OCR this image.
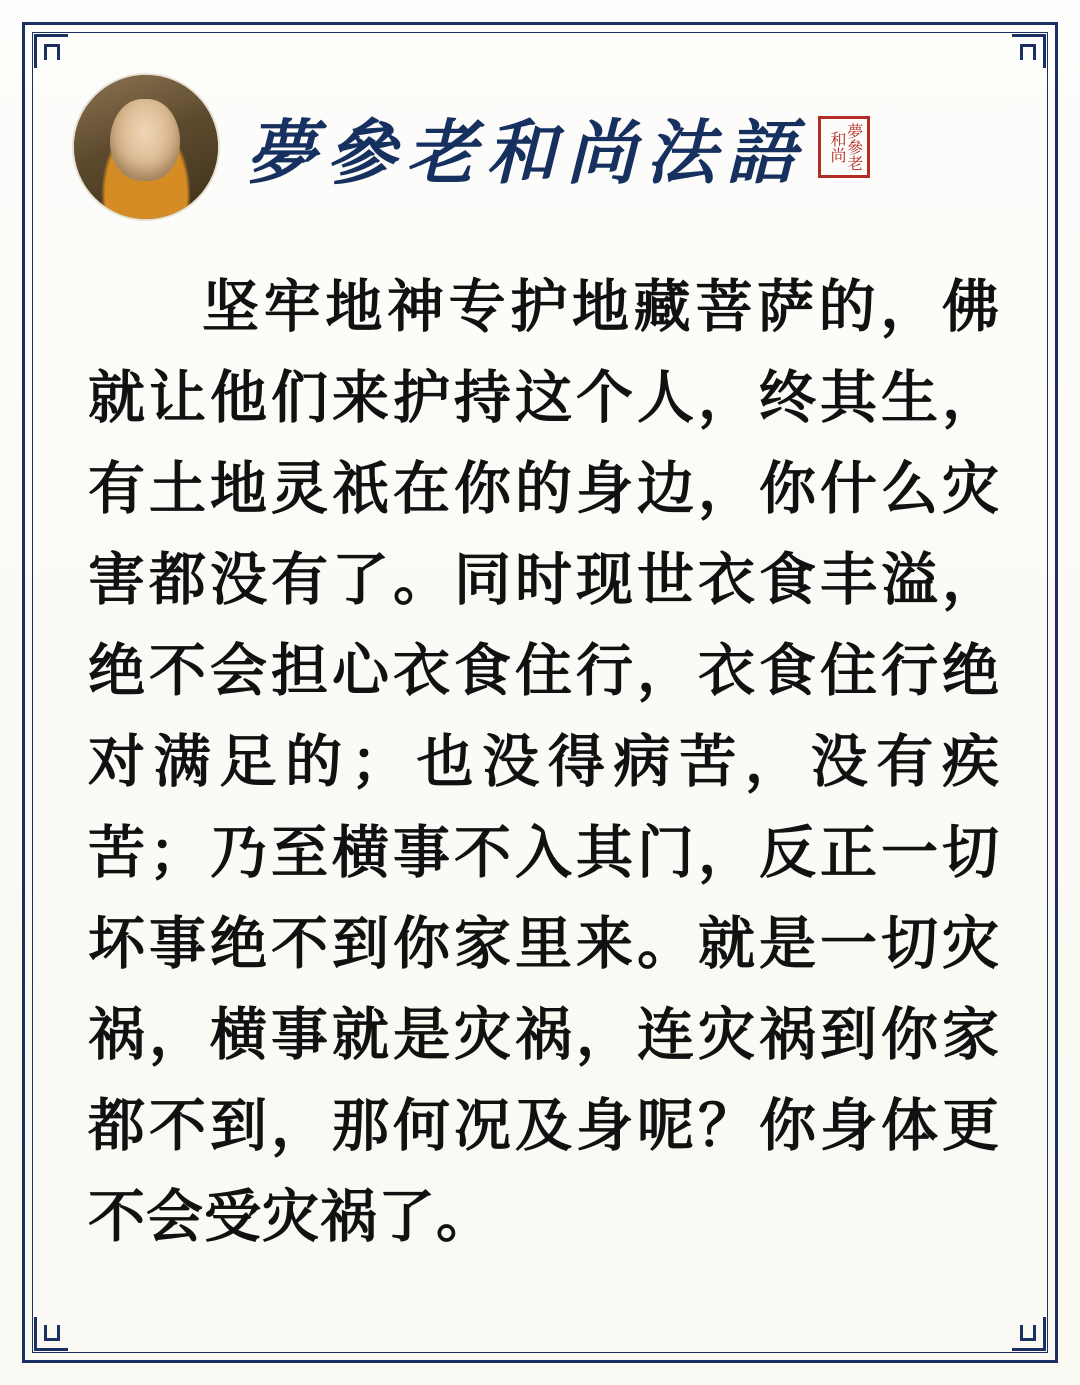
夢參老和尚法語	夢參老和尚
坚牢地神专护地藏菩萨的，佛就让他们来护持这个人，终其生，有土地灵祇在你的身边，你什么灾害都没有了。同时现世衣食丰溢，绝不会担心衣食住行，衣食住行绝对满足的；也没得病苦，没有疾苦；乃至横事不入其门，反正一切坏事绝不到你家里来。就是一切灾祸，横事就是灾祸，连灾祸到你家都不到，那何况及身呢？你身体更不会受灾祸了。
